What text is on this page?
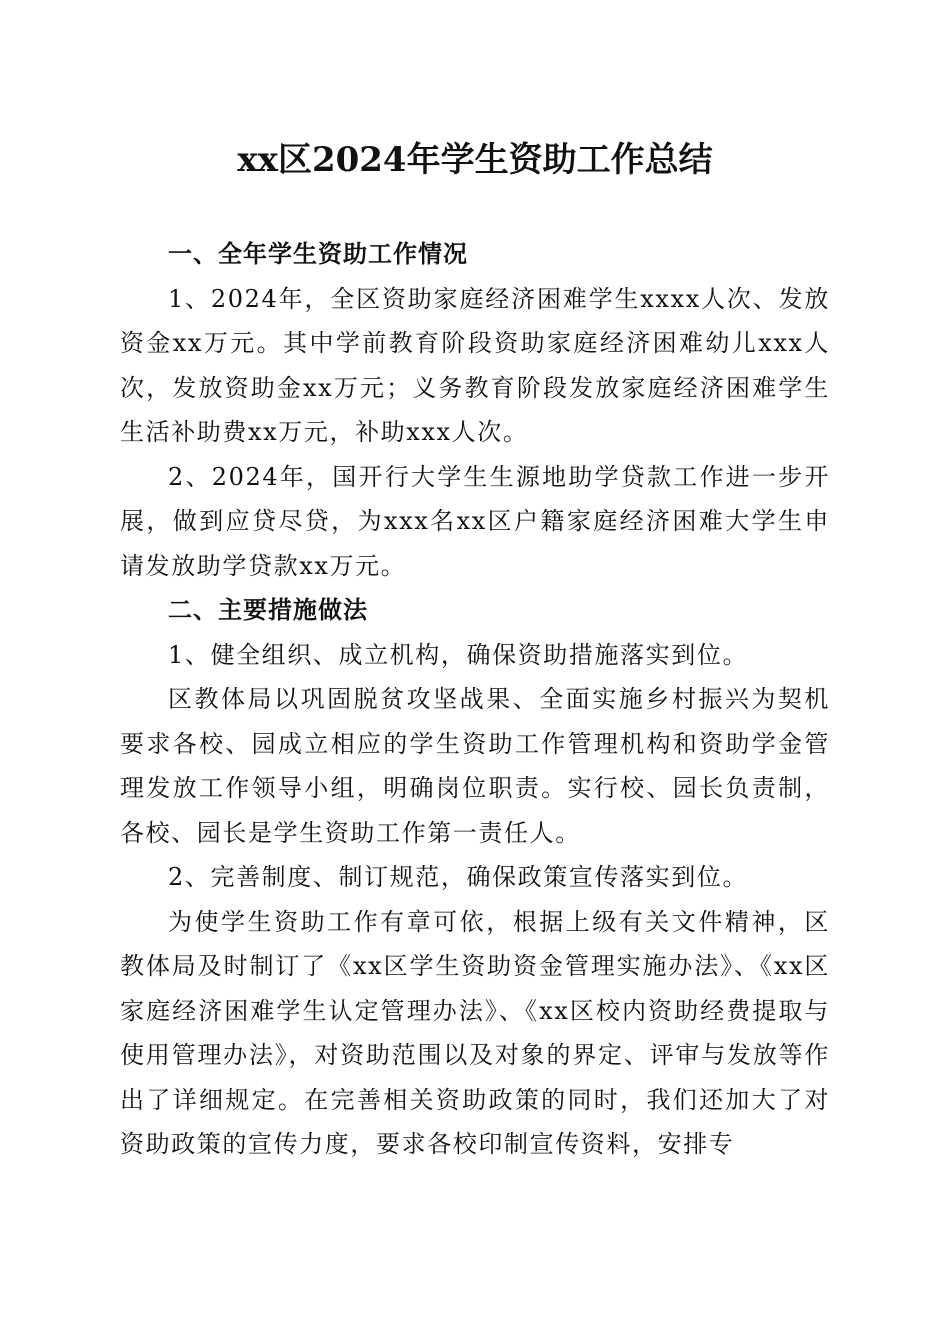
xx区2024年学生资助工作总结

一、全年学生资助工作情况

1、2024年，全区资助家庭经济困难学生xxxx人次、发放资金xx万元。其中学前教育阶段资助家庭经济困难幼儿xxx人次，发放资助金xx万元；义务教育阶段发放家庭经济困难学生生活补助费xx万元，补助xxx人次。

2、2024年，国开行大学生生源地助学贷款工作进一步开展，做到应贷尽贷，为xxx名xx区户籍家庭经济困难大学生申请发放助学贷款xx万元。

二、主要措施做法

1、健全组织、成立机构，确保资助措施落实到位。

区教体局以巩固脱贫攻坚战果、全面实施乡村振兴为契机要求各校、园成立相应的学生资助工作管理机构和资助学金管理发放工作领导小组，明确岗位职责。实行校、园长负责制，各校、园长是学生资助工作第一责任人。

2、完善制度、制订规范，确保政策宣传落实到位。

为使学生资助工作有章可依，根据上级有关文件精神，区教体局及时制订了《xx区学生资助资金管理实施办法》、《xx区家庭经济困难学生认定管理办法》、《xx区校内资助经费提取与使用管理办法》，对资助范围以及对象的界定、评审与发放等作出了详细规定。在完善相关资助政策的同时，我们还加大了对资助政策的宣传力度，要求各校印制宣传资料，安排专
